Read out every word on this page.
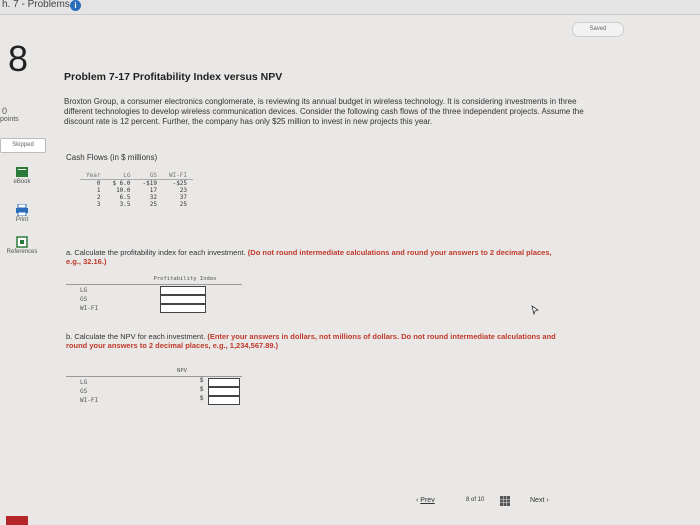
h. 7 - Problems i
Saved
8
0
points
Skipped
eBook
Print
References
Problem 7-17 Profitability Index versus NPV
Broxton Group, a consumer electronics conglomerate, is reviewing its annual budget in wireless technology. It is considering investments in three different technologies to develop wireless communication devices. Consider the following cash flows of the three independent projects. Assume the discount rate is 12 percent. Further, the company has only $25 million to invest in new projects this year.
Cash Flows (in $ millions)
Year	LG	GS	WI-FI
0	$ 6.0	-$19	-$25
1	10.0	17	23
2	6.5	32	37
3	3.5	25	25
a. Calculate the profitability index for each investment. (Do not round intermediate calculations and round your answers to 2 decimal places, e.g., 32.16.)
Profitability Index
LG
GS
WI-FI
b. Calculate the NPV for each investment. (Enter your answers in dollars, not millions of dollars. Do not round intermediate calculations and round your answers to 2 decimal places, e.g., 1,234,567.89.)
NPV
LG
GS
WI-FI
$
$
$
‹ Prev	8 of 10	Next ›
